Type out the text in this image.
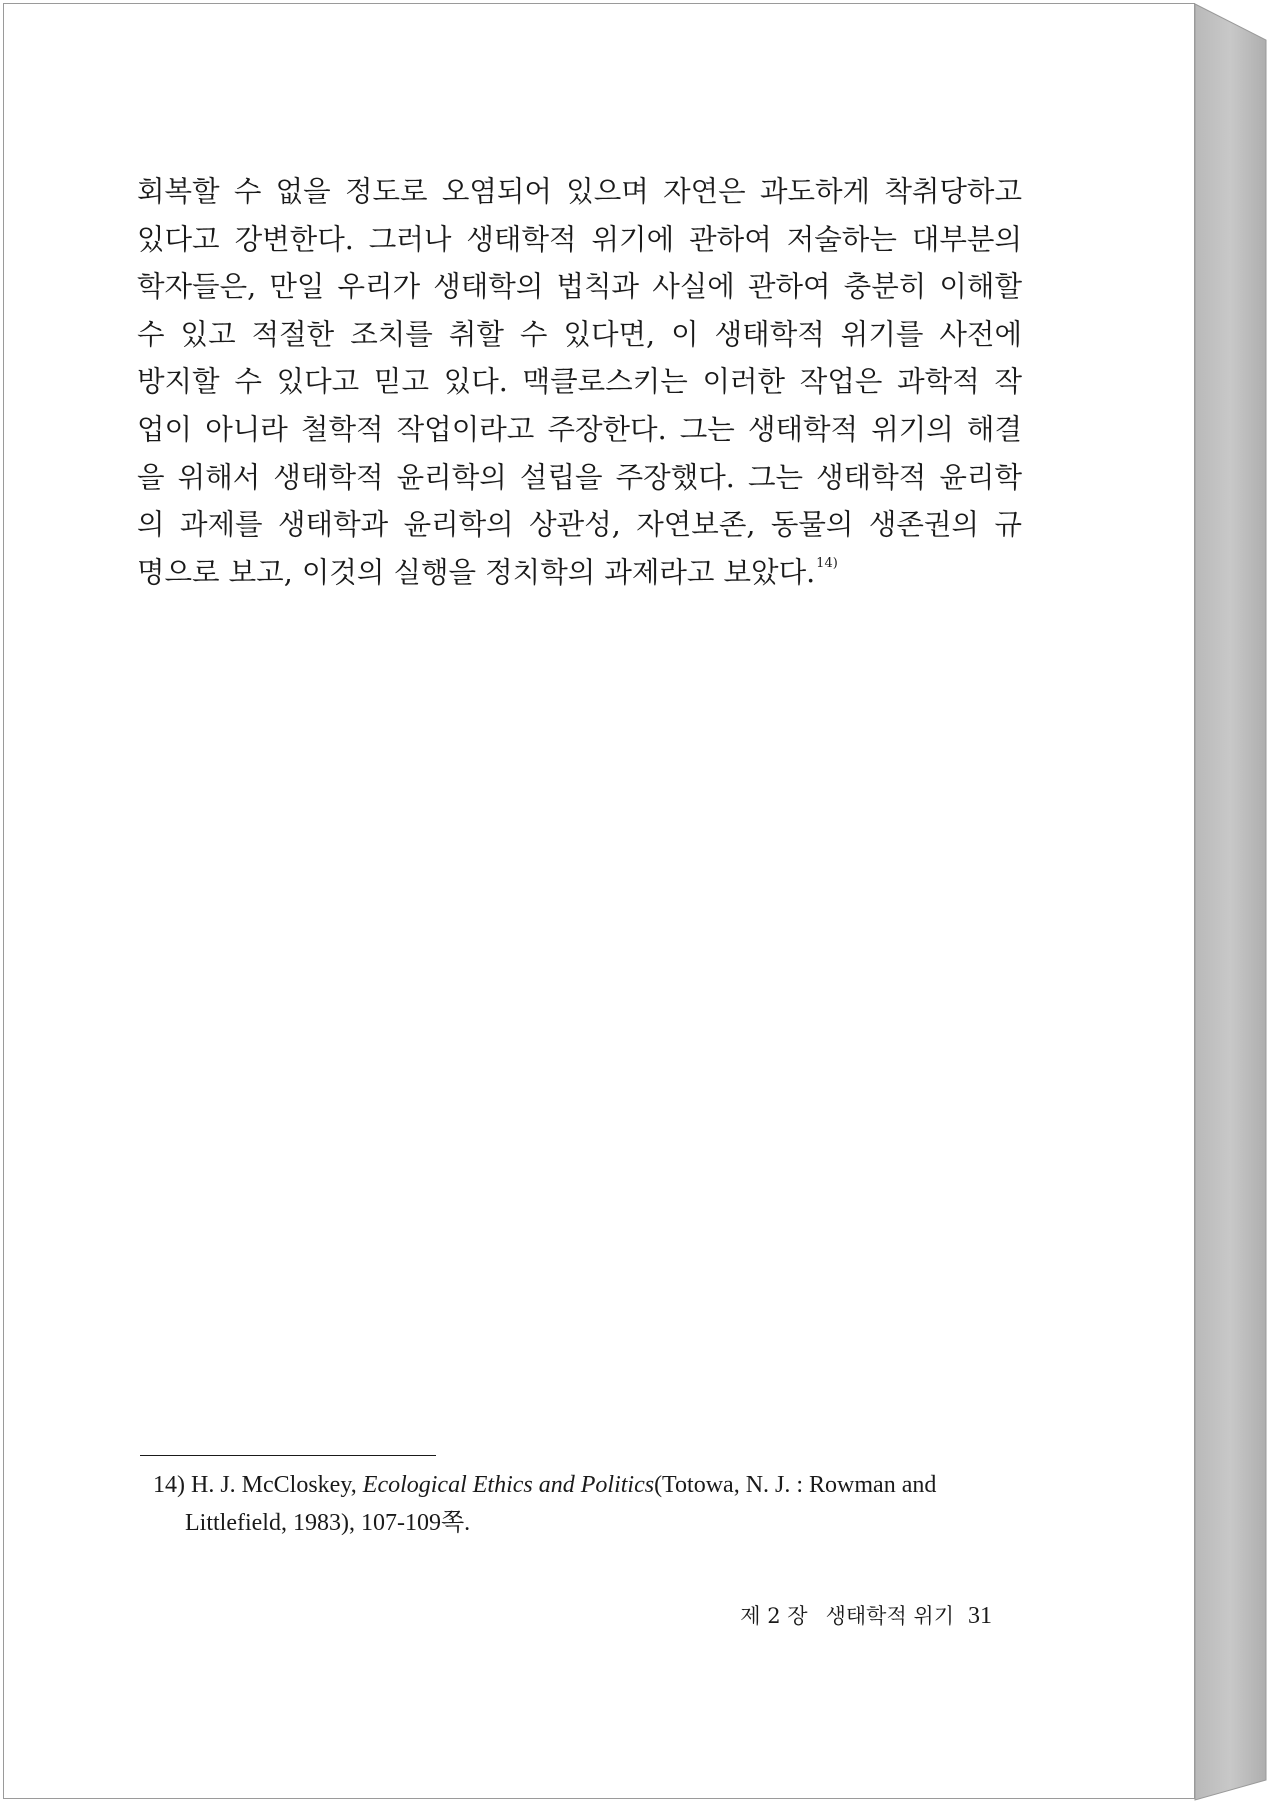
회복할 수 없을 정도로 오염되어 있으며 자연은 과도하게 착취당하고
있다고 강변한다. 그러나 생태학적 위기에 관하여 저술하는 대부분의
학자들은, 만일 우리가 생태학의 법칙과 사실에 관하여 충분히 이해할
수 있고 적절한 조치를 취할 수 있다면, 이 생태학적 위기를 사전에
방지할 수 있다고 믿고 있다. 맥클로스키는 이러한 작업은 과학적 작
업이 아니라 철학적 작업이라고 주장한다. 그는 생태학적 위기의 해결
을 위해서 생태학적 윤리학의 설립을 주장했다. 그는 생태학적 윤리학
의 과제를 생태학과 윤리학의 상관성, 자연보존, 동물의 생존권의 규
명으로 보고, 이것의 실행을 정치학의 과제라고 보았다.$^{14)}$
14) H. J. McCloskey, Ecological Ethics and Politics(Totowa, N. J. : Rowman and
Littlefield, 1983), 107-109쪽.
제 2 장 생태학적 위기 31
